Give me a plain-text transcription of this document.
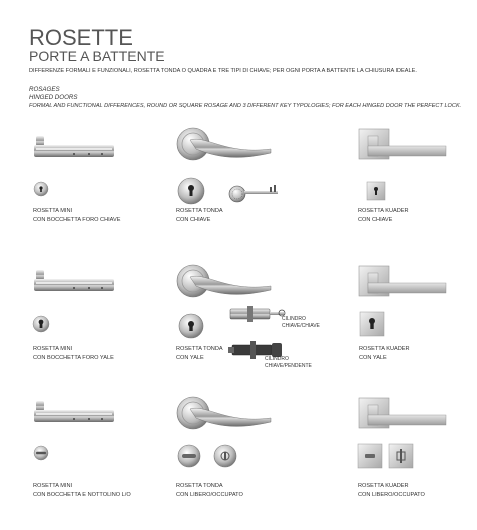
ROSETTE
PORTE A BATTENTE
DIFFERENZE FORMALI E FUNZIONALI, ROSETTA TONDA O QUADRA E TRE TIPI DI CHIAVE; PER OGNI PORTA A BATTENTE LA CHIUSURA IDEALE.
ROSAGES
HINGED DOORS
FORMAL AND FUNCTIONAL DIFFERENCES, ROUND OR SQUARE ROSAGE AND 3 DIFFERENT KEY TYPOLOGIES; FOR EACH HINGED DOOR THE PERFECT LOCK.
ROSETTA MINI
CON BOCCHETTA FORO CHIAVE
ROSETTA TONDA
CON CHIAVE
ROSETTA KUADER
CON CHIAVE
ROSETTA MINI
CON BOCCHETTA FORO YALE
CILINDRO
CHIAVE/CHIAVE
CILINDRO
CHIAVE/PENDENTE
ROSETTA TONDA
CON YALE
ROSETTA KUADER
CON YALE
ROSETTA MINI
CON BOCCHETTA E NOTTOLINO L/O
ROSETTA TONDA
CON LIBERO/OCCUPATO
ROSETTA KUADER
CON LIBERO/OCCUPATO
